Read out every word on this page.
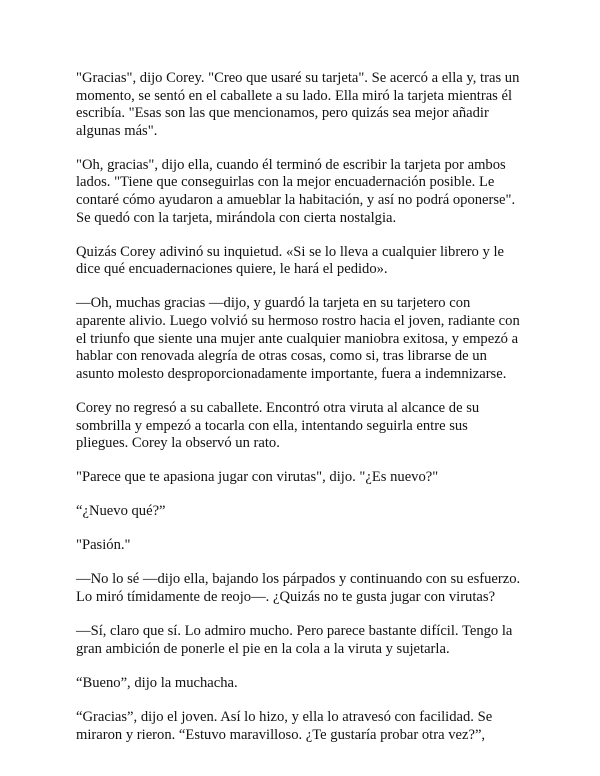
"Gracias", dijo Corey. "Creo que usaré su tarjeta". Se acercó a ella y, tras un
momento, se sentó en el caballete a su lado. Ella miró la tarjeta mientras él
escribía. "Esas son las que mencionamos, pero quizás sea mejor añadir
algunas más".

"Oh, gracias", dijo ella, cuando él terminó de escribir la tarjeta por ambos
lados. "Tiene que conseguirlas con la mejor encuadernación posible. Le
contaré cómo ayudaron a amueblar la habitación, y así no podrá oponerse".
Se quedó con la tarjeta, mirándola con cierta nostalgia.

Quizás Corey adivinó su inquietud. «Si se lo lleva a cualquier librero y le
dice qué encuadernaciones quiere, le hará el pedido».

—Oh, muchas gracias —dijo, y guardó la tarjeta en su tarjetero con
aparente alivio. Luego volvió su hermoso rostro hacia el joven, radiante con
el triunfo que siente una mujer ante cualquier maniobra exitosa, y empezó a
hablar con renovada alegría de otras cosas, como si, tras librarse de un
asunto molesto desproporcionadamente importante, fuera a indemnizarse.

Corey no regresó a su caballete. Encontró otra viruta al alcance de su
sombrilla y empezó a tocarla con ella, intentando seguirla entre sus
pliegues. Corey la observó un rato.

"Parece que te apasiona jugar con virutas", dijo. "¿Es nuevo?"

“¿Nuevo qué?”

"Pasión."

—No lo sé —dijo ella, bajando los párpados y continuando con su esfuerzo.
Lo miró tímidamente de reojo—. ¿Quizás no te gusta jugar con virutas?

—Sí, claro que sí. Lo admiro mucho. Pero parece bastante difícil. Tengo la
gran ambición de ponerle el pie en la cola a la viruta y sujetarla.

“Bueno”, dijo la muchacha.

“Gracias”, dijo el joven. Así lo hizo, y ella lo atravesó con facilidad. Se
miraron y rieron. “Estuvo maravilloso. ¿Te gustaría probar otra vez?”,
